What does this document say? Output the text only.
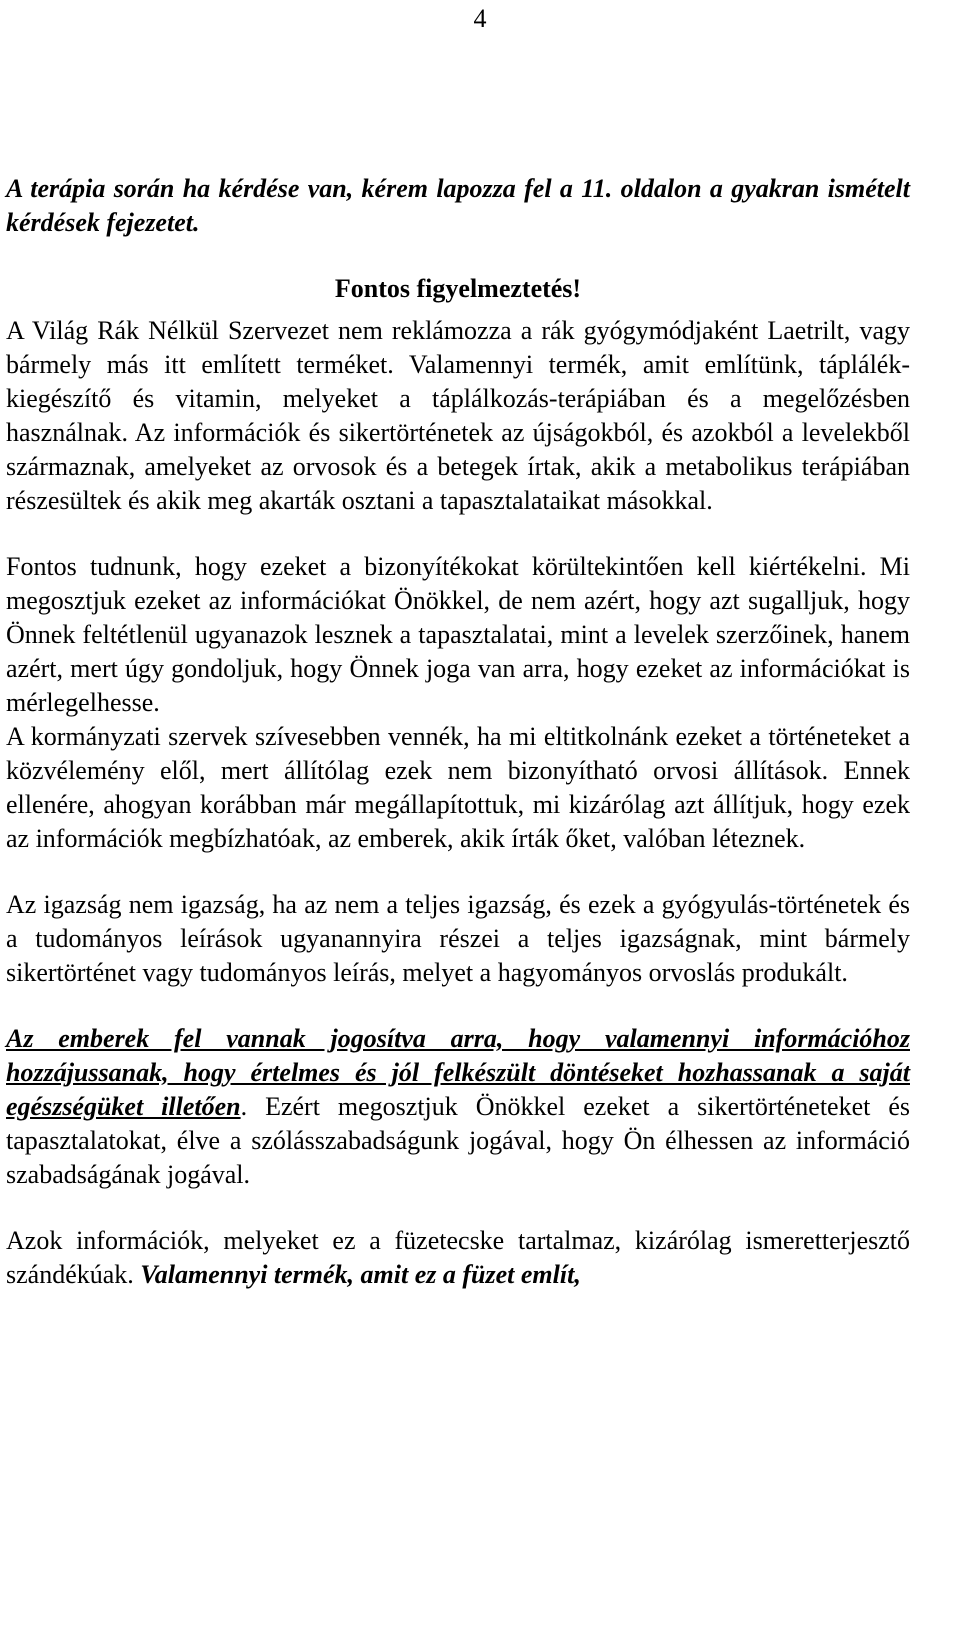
4

A terápia során ha kérdése van, kérem lapozza fel a 11. oldalon a gyakran ismételt kérdések fejezetet.

Fontos figyelmeztetés!

A Világ Rák Nélkül Szervezet nem reklámozza a rák gyógymódjaként Laetrilt, vagy bármely más itt említett terméket. Valamennyi termék, amit említünk, táplálék-kiegészítő és vitamin, melyeket a táplálkozás-terápiában és a megelőzésben használnak. Az információk és sikertörténetek az újságokból, és azokból a levelekből származnak, amelyeket az orvosok és a betegek írtak, akik a metabolikus terápiában részesültek és akik meg akarták osztani a tapasztalataikat másokkal.

Fontos tudnunk, hogy ezeket a bizonyítékokat körültekintően kell kiértékelni. Mi megosztjuk ezeket az információkat Önökkel, de nem azért, hogy azt sugalljuk, hogy Önnek feltétlenül ugyanazok lesznek a tapasztalatai, mint a levelek szerzőinek, hanem azért, mert úgy gondoljuk, hogy Önnek joga van arra, hogy ezeket az információkat is mérlegelhesse.

A kormányzati szervek szívesebben vennék, ha mi eltitkolnánk ezeket a történeteket a közvélemény elől, mert állítólag ezek nem bizonyítható orvosi állítások. Ennek ellenére, ahogyan korábban már megállapítottuk, mi kizárólag azt állítjuk, hogy ezek az információk megbízhatóak, az emberek, akik írták őket, valóban léteznek.

Az igazság nem igazság, ha az nem a teljes igazság, és ezek a gyógyulás-történetek és a tudományos leírások ugyanannyira részei a teljes igazságnak, mint bármely sikertörténet vagy tudományos leírás, melyet a hagyományos orvoslás produkált.

Az emberek fel vannak jogosítva arra, hogy valamennyi információhoz hozzájussanak, hogy értelmes és jól felkészült döntéseket hozhassanak a saját egészségüket illetően. Ezért megosztjuk Önökkel ezeket a sikertörténeteket és tapasztalatokat, élve a szólásszabadságunk jogával, hogy Ön élhessen az információ szabadságának jogával.

Azok információk, melyeket ez a füzetecske tartalmaz, kizárólag ismeretterjesztő szándékúak. Valamennyi termék, amit ez a füzet említ,
